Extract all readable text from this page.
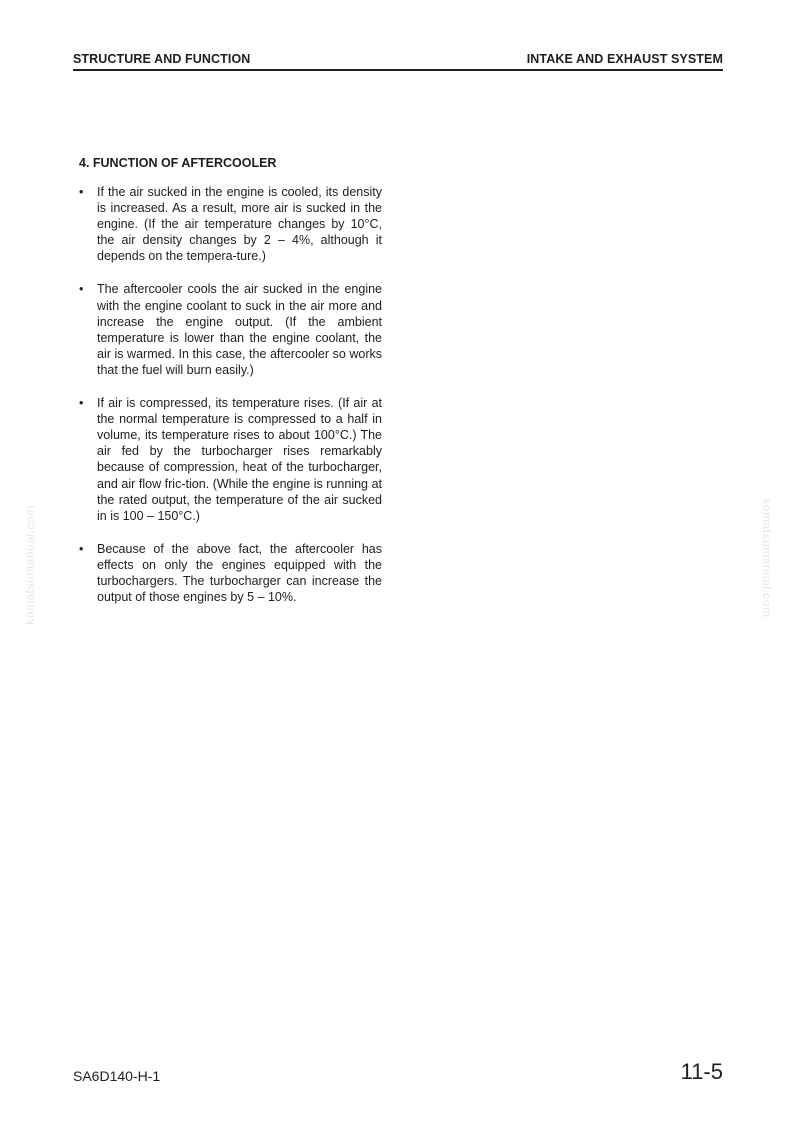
STRUCTURE AND FUNCTION	INTAKE AND EXHAUST SYSTEM
komatsumanual.com	komatsumanual.com
4. FUNCTION OF AFTERCOOLER
•	If the air sucked in the engine is cooled, its density is increased. As a result, more air is sucked in the engine. (If the air temperature changes by 10°C, the air density changes by 2 – 4%, although it depends on the tempera-ture.)
•	The aftercooler cools the air sucked in the engine with the engine coolant to suck in the air more and increase the engine output. (If the ambient temperature is lower than the engine coolant, the air is warmed. In this case, the aftercooler so works that the fuel will burn easily.)
•	If air is compressed, its temperature rises. (If air at the normal temperature is compressed to a half in volume, its temperature rises to about 100°C.) The air fed by the turbocharger rises remarkably because of compression, heat of the turbocharger, and air flow fric-tion. (While the engine is running at the rated output, the temperature of the air sucked in is 100 – 150°C.)
•	Because of the above fact, the aftercooler has effects on only the engines equipped with the turbochargers. The turbocharger can increase the output of those engines by 5 – 10%.
SA6D140-H-1	11-5
